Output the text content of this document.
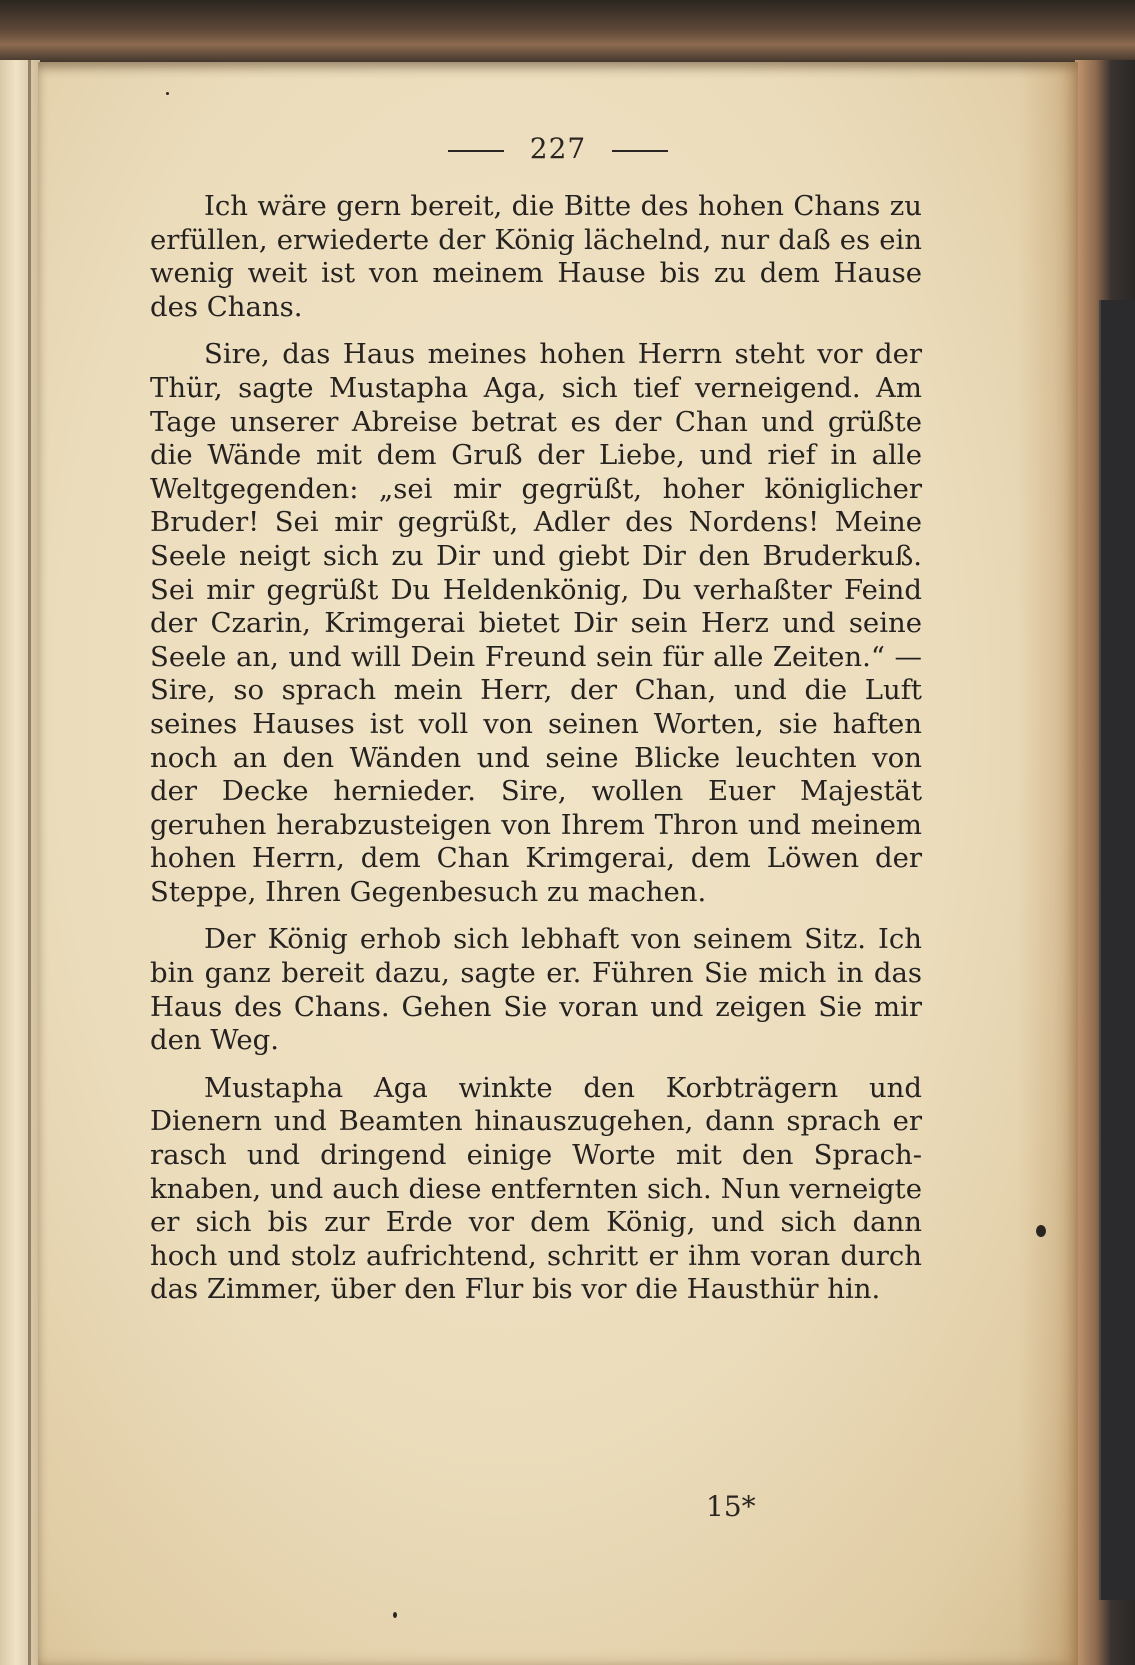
227

Ich wäre gern bereit, die Bitte des hohen Chans zu erfüllen, erwiederte der König lächelnd, nur daß es ein wenig weit ist von meinem Hause bis zu dem Hause des Chans.

Sire, das Haus meines hohen Herrn steht vor der Thür, sagte Mustapha Aga, sich tief verneigend. Am Tage unserer Abreise betrat es der Chan und grüßte die Wände mit dem Gruß der Liebe, und rief in alle Weltgegenden: „sei mir gegrüßt, hoher königlicher Bruder! Sei mir gegrüßt, Adler des Nordens! Meine Seele neigt sich zu Dir und giebt Dir den Bruderkuß. Sei mir gegrüßt Du Heldenkönig, Du verhaßter Feind der Czarin, Krimgerai bietet Dir sein Herz und seine Seele an, und will Dein Freund sein für alle Zeiten.“ — Sire, so sprach mein Herr, der Chan, und die Luft seines Hauses ist voll von seinen Worten, sie haften noch an den Wänden und seine Blicke leuchten von der Decke hernieder. Sire, wollen Euer Majestät geruhen herabzusteigen von Ihrem Thron und meinem hohen Herrn, dem Chan Krimgerai, dem Löwen der Steppe, Ihren Gegenbesuch zu machen.

Der König erhob sich lebhaft von seinem Sitz. Ich bin ganz bereit dazu, sagte er. Führen Sie mich in das Haus des Chans. Gehen Sie voran und zeigen Sie mir den Weg.

Mustapha Aga winkte den Korbträgern und Dienern und Beamten hinauszugehen, dann sprach er rasch und dringend einige Worte mit den Sprachknaben, und auch diese entfernten sich. Nun verneigte er sich bis zur Erde vor dem König, und sich dann hoch und stolz aufrichtend, schritt er ihm voran durch das Zimmer, über den Flur bis vor die Hausthür hin.

15*
